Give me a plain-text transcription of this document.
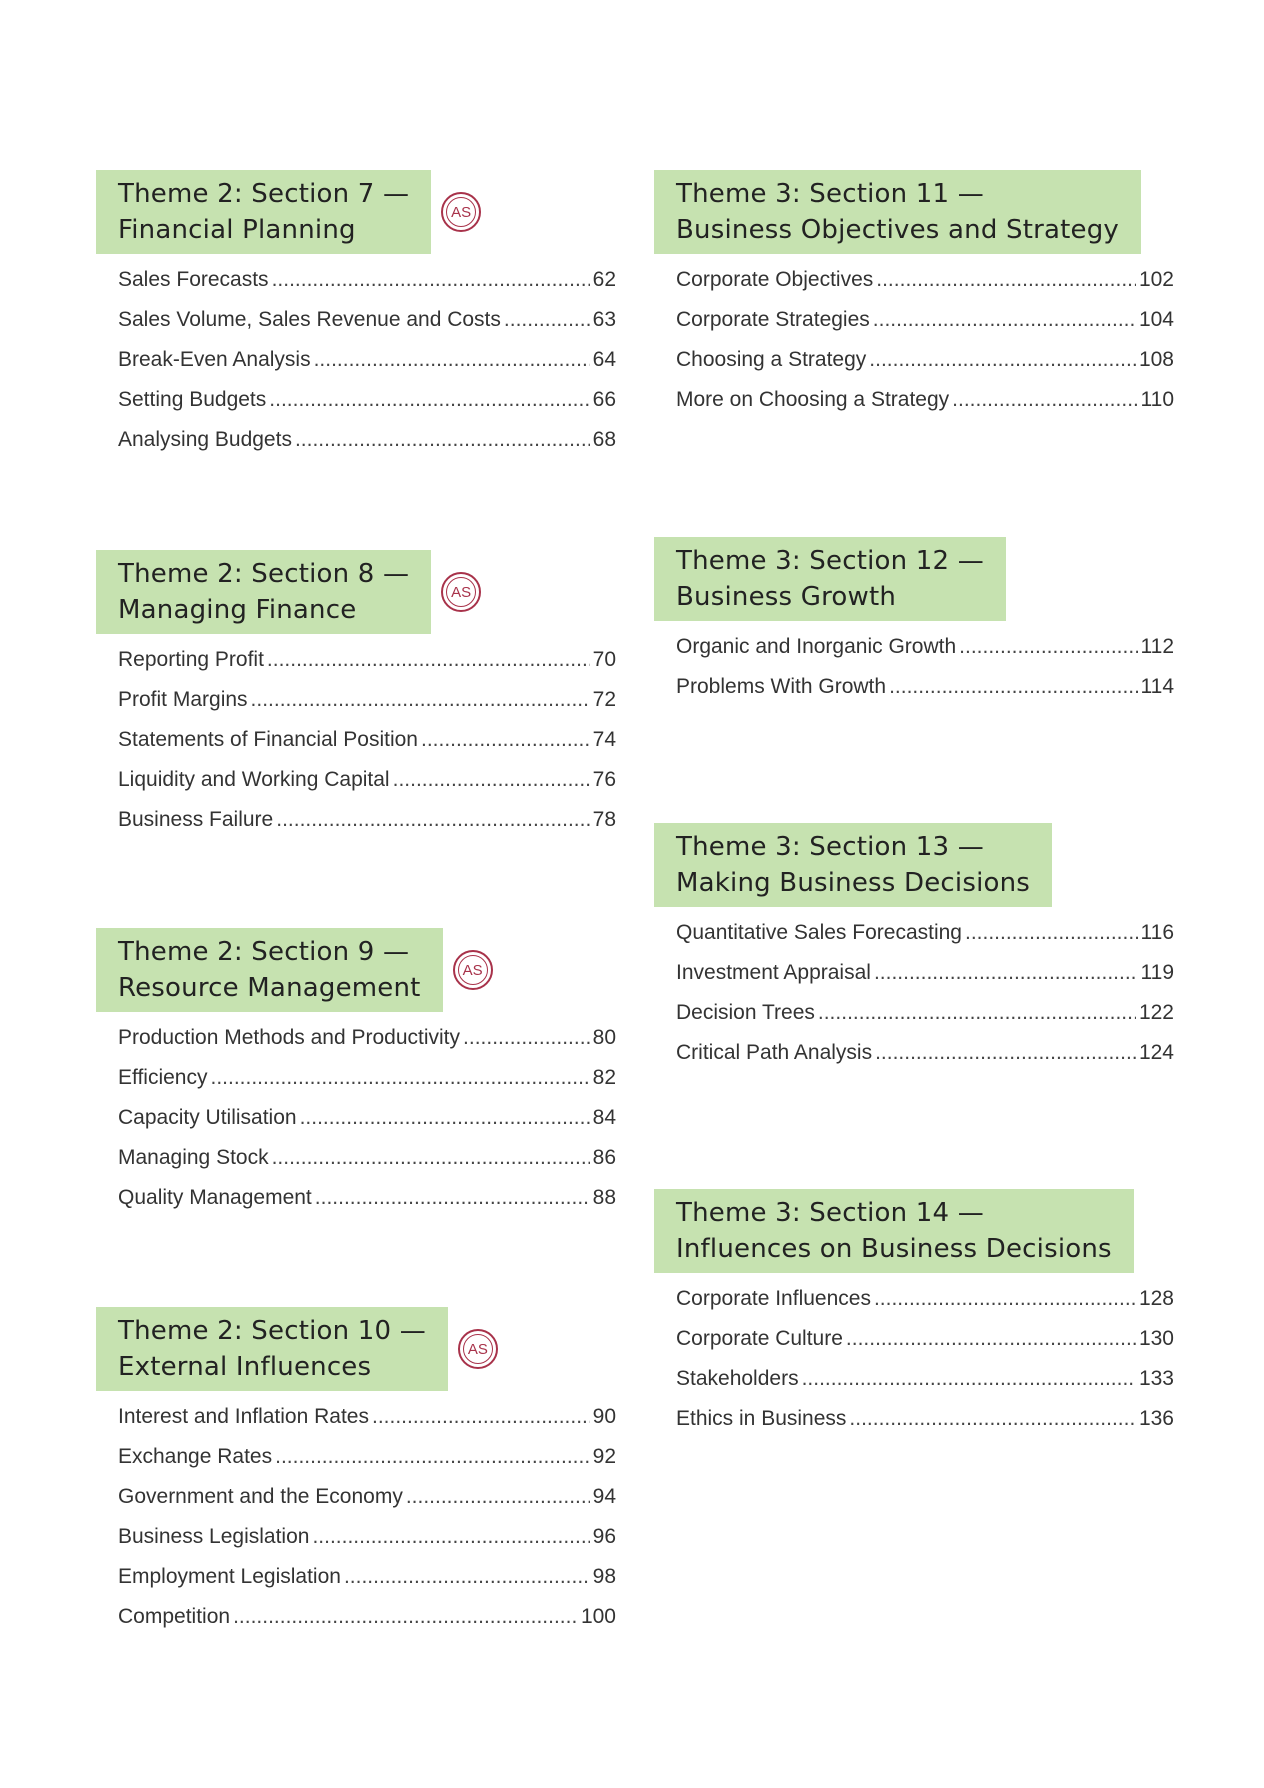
Theme 2: Section 7 —
Financial Planning
AS
Sales Forecasts .....	62
Sales Volume, Sales Revenue and Costs .....	63
Break-Even Analysis .....	64
Setting Budgets .....	66
Analysing Budgets .....	68
Theme 2: Section 8 —
Managing Finance
AS
Reporting Profit .....	70
Profit Margins .....	72
Statements of Financial Position .....	74
Liquidity and Working Capital .....	76
Business Failure .....	78
Theme 2: Section 9 —
Resource Management
AS
Production Methods and Productivity .....	80
Efficiency .....	82
Capacity Utilisation .....	84
Managing Stock .....	86
Quality Management .....	88
Theme 2: Section 10 —
External Influences
AS
Interest and Inflation Rates .....	90
Exchange Rates .....	92
Government and the Economy .....	94
Business Legislation .....	96
Employment Legislation .....	98
Competition .....	100
Theme 3: Section 11 —
Business Objectives and Strategy
Corporate Objectives .....	102
Corporate Strategies .....	104
Choosing a Strategy .....	108
More on Choosing a Strategy .....	110
Theme 3: Section 12 —
Business Growth
Organic and Inorganic Growth .....	112
Problems With Growth .....	114
Theme 3: Section 13 —
Making Business Decisions
Quantitative Sales Forecasting .....	116
Investment Appraisal .....	119
Decision Trees .....	122
Critical Path Analysis .....	124
Theme 3: Section 14 —
Influences on Business Decisions
Corporate Influences .....	128
Corporate Culture .....	130
Stakeholders .....	133
Ethics in Business .....	136
